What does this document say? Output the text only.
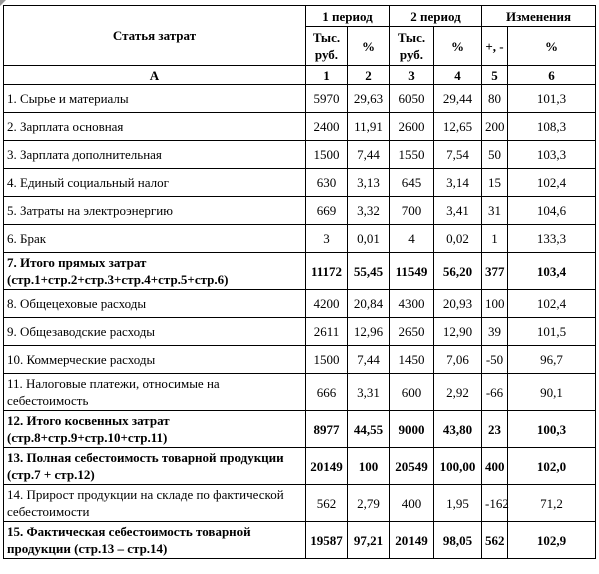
Статья затрат	1 период		2 период		Изменения	
	Тыс. руб.	%	Тыс. руб.	%	+, -	%
А	1	2	3	4	5	6
1. Сырье и материалы	5970	29,63	6050	29,44	80	101,3
2. Зарплата основная	2400	11,91	2600	12,65	200	108,3
3. Зарплата дополнительная	1500	7,44	1550	7,54	50	103,3
4. Единый социальный налог	630	3,13	645	3,14	15	102,4
5. Затраты на электроэнергию	669	3,32	700	3,41	31	104,6
6. Брак	3	0,01	4	0,02	1	133,3
7. Итого прямых затрат (стр.1+стр.2+стр.3+стр.4+стр.5+стр.6)	11172	55,45	11549	56,20	377	103,4
8. Общецеховые расходы	4200	20,84	4300	20,93	100	102,4
9. Общезаводские расходы	2611	12,96	2650	12,90	39	101,5
10. Коммерческие расходы	1500	7,44	1450	7,06	-50	96,7
11. Налоговые платежи, относимые на себестоимость	666	3,31	600	2,92	-66	90,1
12. Итого косвенных затрат (стр.8+стр.9+стр.10+стр.11)	8977	44,55	9000	43,80	23	100,3
13. Полная себестоимость товарной продукции (стр.7 + стр.12)	20149	100	20549	100,00	400	102,0
14. Прирост продукции на складе по фактической себестоимости	562	2,79	400	1,95	-162	71,2
15. Фактическая себестоимость товарной продукции (стр.13 – стр.14)	19587	97,21	20149	98,05	562	102,9
